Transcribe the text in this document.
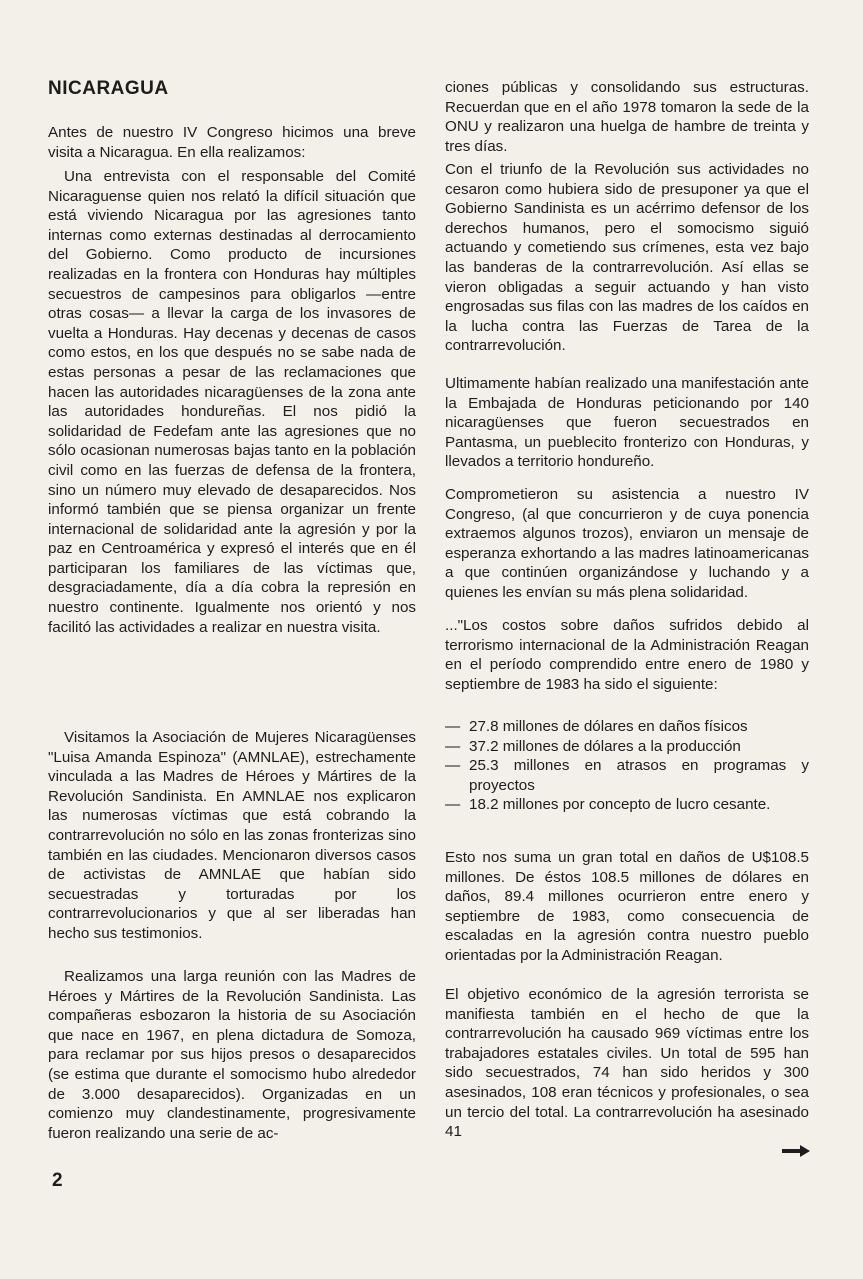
NICARAGUA

Antes de nuestro IV Congreso hicimos una breve visita a Nicaragua. En ella realizamos:

Una entrevista con el responsable del Comité Nicaraguense quien nos relató la difícil situación que está viviendo Nicaragua por las agresiones tanto internas como externas destinadas al derrocamiento del Gobierno. Como producto de incursiones realizadas en la frontera con Honduras hay múltiples secuestros de campesinos para obligarlos —entre otras cosas— a llevar la carga de los invasores de vuelta a Honduras. Hay decenas y decenas de casos como estos, en los que después no se sabe nada de estas personas a pesar de las reclamaciones que hacen las autoridades nicaragüenses de la zona ante las autoridades hondureñas. El nos pidió la solidaridad de Fedefam ante las agresiones que no sólo ocasionan numerosas bajas tanto en la población civil como en las fuerzas de defensa de la frontera, sino un número muy elevado de desaparecidos. Nos informó también que se piensa organizar un frente internacional de solidaridad ante la agresión y por la paz en Centroamérica y expresó el interés que en él participaran los familiares de las víctimas que, desgraciadamente, día a día cobra la represión en nuestro continente. Igualmente nos orientó y nos facilitó las actividades a realizar en nuestra visita.

Visitamos la Asociación de Mujeres Nicaragüenses "Luisa Amanda Espinoza" (AMNLAE), estrechamente vinculada a las Madres de Héroes y Mártires de la Revolución Sandinista. En AMNLAE nos explicaron las numerosas víctimas que está cobrando la contrarrevolución no sólo en las zonas fronterizas sino también en las ciudades. Mencionaron diversos casos de activistas de AMNLAE que habían sido secuestradas y torturadas por los contrarrevolucionarios y que al ser liberadas han hecho sus testimonios.

Realizamos una larga reunión con las Madres de Héroes y Mártires de la Revolución Sandinista. Las compañeras esbozaron la historia de su Asociación que nace en 1967, en plena dictadura de Somoza, para reclamar por sus hijos presos o desaparecidos (se estima que durante el somocismo hubo alrededor de 3.000 desaparecidos). Organizadas en un comienzo muy clandestinamente, progresivamente fueron realizando una serie de ac-

ciones públicas y consolidando sus estructuras. Recuerdan que en el año 1978 tomaron la sede de la ONU y realizaron una huelga de hambre de treinta y tres días.

Con el triunfo de la Revolución sus actividades no cesaron como hubiera sido de presuponer ya que el Gobierno Sandinista es un acérrimo defensor de los derechos humanos, pero el somocismo siguió actuando y cometiendo sus crímenes, esta vez bajo las banderas de la contrarrevolución. Así ellas se vieron obligadas a seguir actuando y han visto engrosadas sus filas con las madres de los caídos en la lucha contra las Fuerzas de Tarea de la contrarrevolución.

Ultimamente habían realizado una manifestación ante la Embajada de Honduras peticionando por 140 nicaragüenses que fueron secuestrados en Pantasma, un pueblecito fronterizo con Honduras, y llevados a territorio hondureño.

Comprometieron su asistencia a nuestro IV Congreso, (al que concurrieron y de cuya ponencia extraemos algunos trozos), enviaron un mensaje de esperanza exhortando a las madres latinoamericanas a que continúen organizándose y luchando y a quienes les envían su más plena solidaridad.

..."Los costos sobre daños sufridos debido al terrorismo internacional de la Administración Reagan en el período comprendido entre enero de 1980 y septiembre de 1983 ha sido el siguiente:

— 27.8 millones de dólares en daños físicos
— 37.2 millones de dólares a la producción
— 25.3 millones en atrasos en programas y proyectos
— 18.2 millones por concepto de lucro cesante.

Esto nos suma un gran total en daños de U$108.5 millones. De éstos 108.5 millones de dólares en daños, 89.4 millones ocurrieron entre enero y septiembre de 1983, como consecuencia de escaladas en la agresión contra nuestro pueblo orientadas por la Administración Reagan.

El objetivo económico de la agresión terrorista se manifiesta también en el hecho de que la contrarrevolución ha causado 969 víctimas entre los trabajadores estatales civiles. Un total de 595 han sido secuestrados, 74 han sido heridos y 300 asesinados, 108 eran técnicos y profesionales, o sea un tercio del total. La contrarrevolución ha asesinado 41

2
